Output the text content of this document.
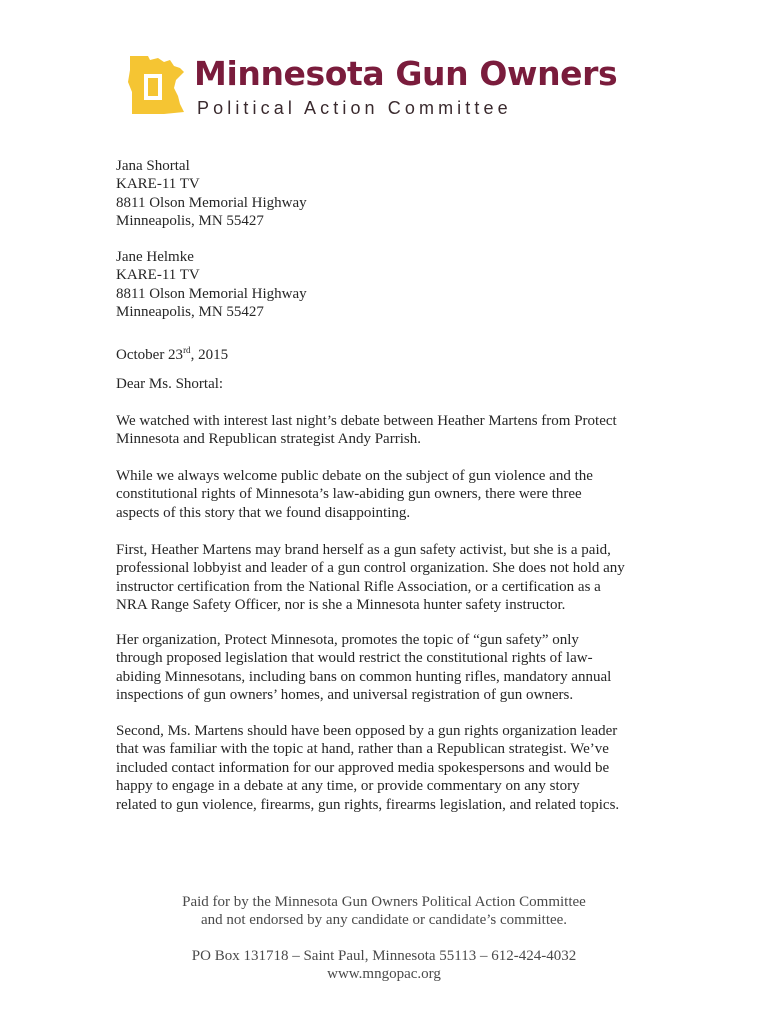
Minnesota Gun Owners
Political Action Committee
Jana Shortal
KARE-11 TV
8811 Olson Memorial Highway
Minneapolis, MN 55427
Jane Helmke
KARE-11 TV
8811 Olson Memorial Highway
Minneapolis, MN 55427
October 23rd, 2015
Dear Ms. Shortal:
We watched with interest last night’s debate between Heather Martens from Protect
Minnesota and Republican strategist Andy Parrish.
While we always welcome public debate on the subject of gun violence and the
constitutional rights of Minnesota’s law-abiding gun owners, there were three
aspects of this story that we found disappointing.
First, Heather Martens may brand herself as a gun safety activist, but she is a paid,
professional lobbyist and leader of a gun control organization. She does not hold any
instructor certification from the National Rifle Association, or a certification as a
NRA Range Safety Officer, nor is she a Minnesota hunter safety instructor.
Her organization, Protect Minnesota, promotes the topic of “gun safety” only
through proposed legislation that would restrict the constitutional rights of law-
abiding Minnesotans, including bans on common hunting rifles, mandatory annual
inspections of gun owners’ homes, and universal registration of gun owners.
Second, Ms. Martens should have been opposed by a gun rights organization leader
that was familiar with the topic at hand, rather than a Republican strategist. We’ve
included contact information for our approved media spokespersons and would be
happy to engage in a debate at any time, or provide commentary on any story
related to gun violence, firearms, gun rights, firearms legislation, and related topics.
Paid for by the Minnesota Gun Owners Political Action Committee
and not endorsed by any candidate or candidate’s committee.
PO Box 131718 – Saint Paul, Minnesota 55113 – 612-424-4032
www.mngopac.org
